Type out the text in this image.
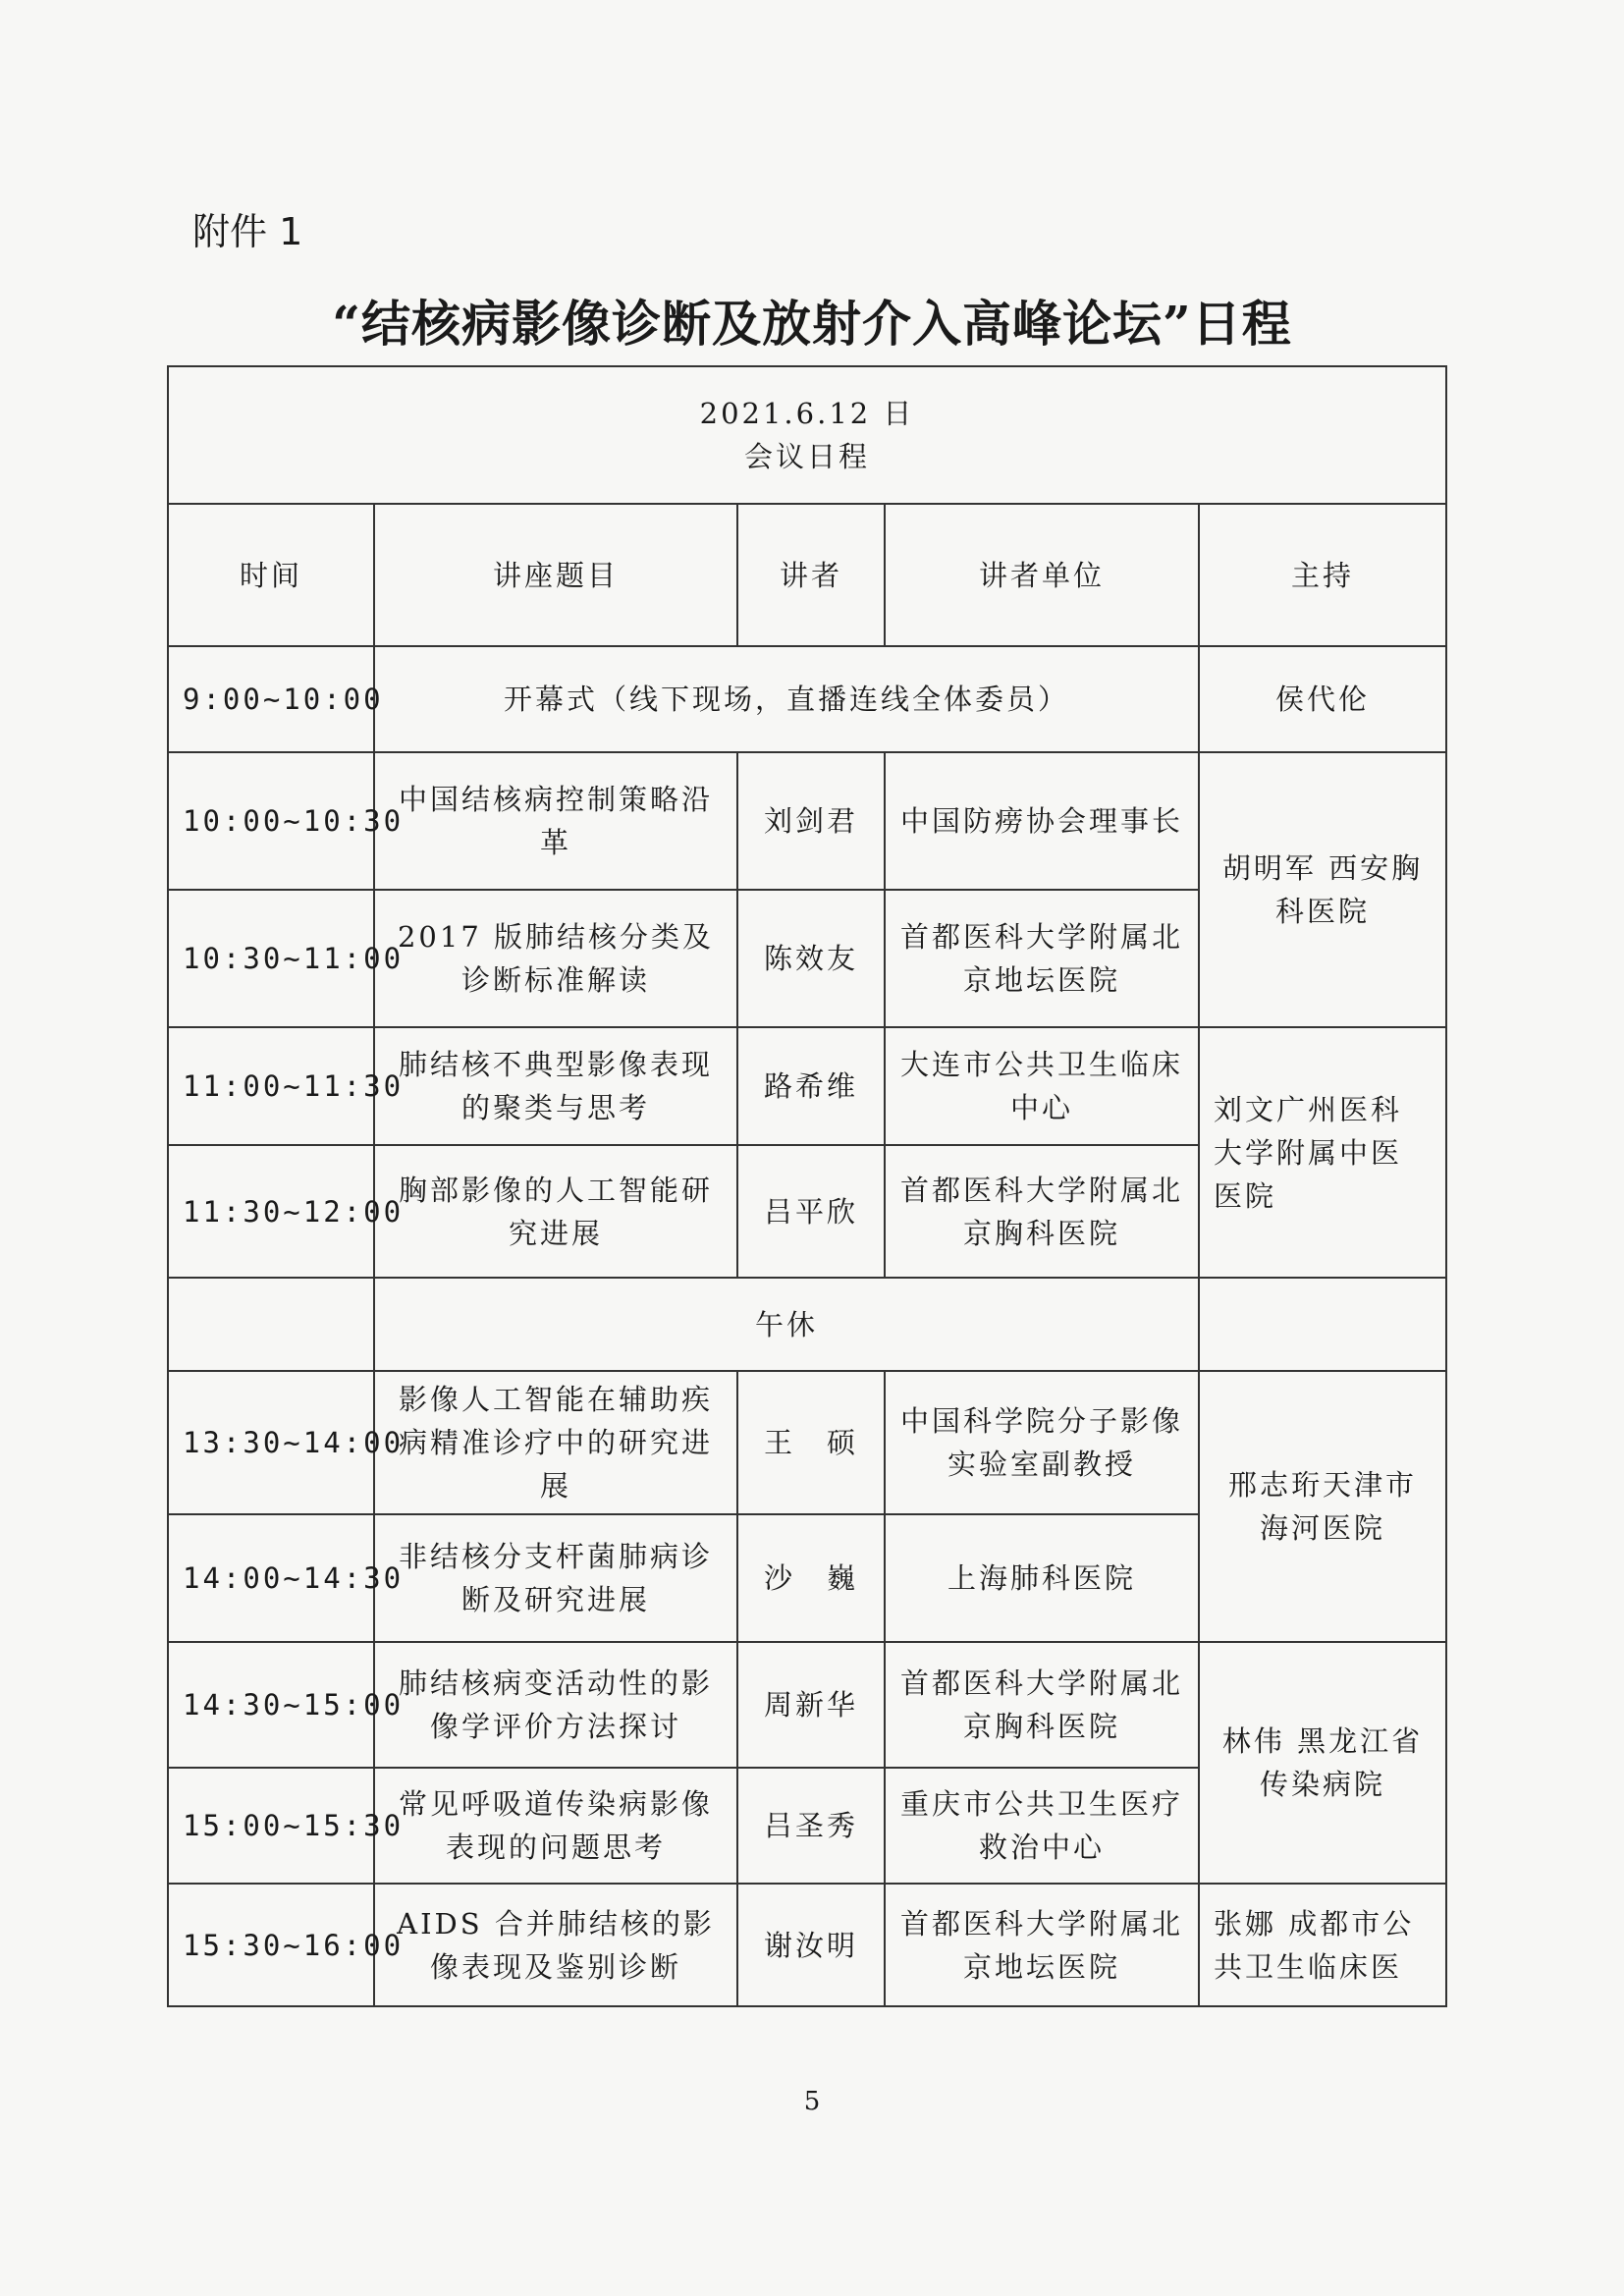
附件 1
“结核病影像诊断及放射介入高峰论坛”日程
2021.6.12 日
会议日程				

时间	讲座题目	讲者	讲者单位	主持
9:00~10:00	开幕式（线下现场，直播连线全体委员）			侯代伦
10:00~10:30	中国结核病控制策略沿革	刘剑君	中国防痨协会理事长	胡明军 西安胸科医院
10:30~11:00	2017 版肺结核分类及诊断标准解读	陈效友	首都医科大学附属北京地坛医院	
11:00~11:30	肺结核不典型影像表现的聚类与思考	路希维	大连市公共卫生临床中心	刘文广州医科大学附属中医医院
11:30~12:00	胸部影像的人工智能研究进展	吕平欣	首都医科大学附属北京胸科医院	
	午休			
13:30~14:00	影像人工智能在辅助疾病精准诊疗中的研究进展	王　硕	中国科学院分子影像实验室副教授	邢志珩天津市海河医院
14:00~14:30	非结核分支杆菌肺病诊断及研究进展	沙　巍	上海肺科医院	
14:30~15:00	肺结核病变活动性的影像学评价方法探讨	周新华	首都医科大学附属北京胸科医院	林伟 黑龙江省传染病院
15:00~15:30	常见呼吸道传染病影像表现的问题思考	吕圣秀	重庆市公共卫生医疗救治中心	
15:30~16:00	AIDS 合并肺结核的影像表现及鉴别诊断	谢汝明	首都医科大学附属北京地坛医院	张娜 成都市公共卫生临床医
5
